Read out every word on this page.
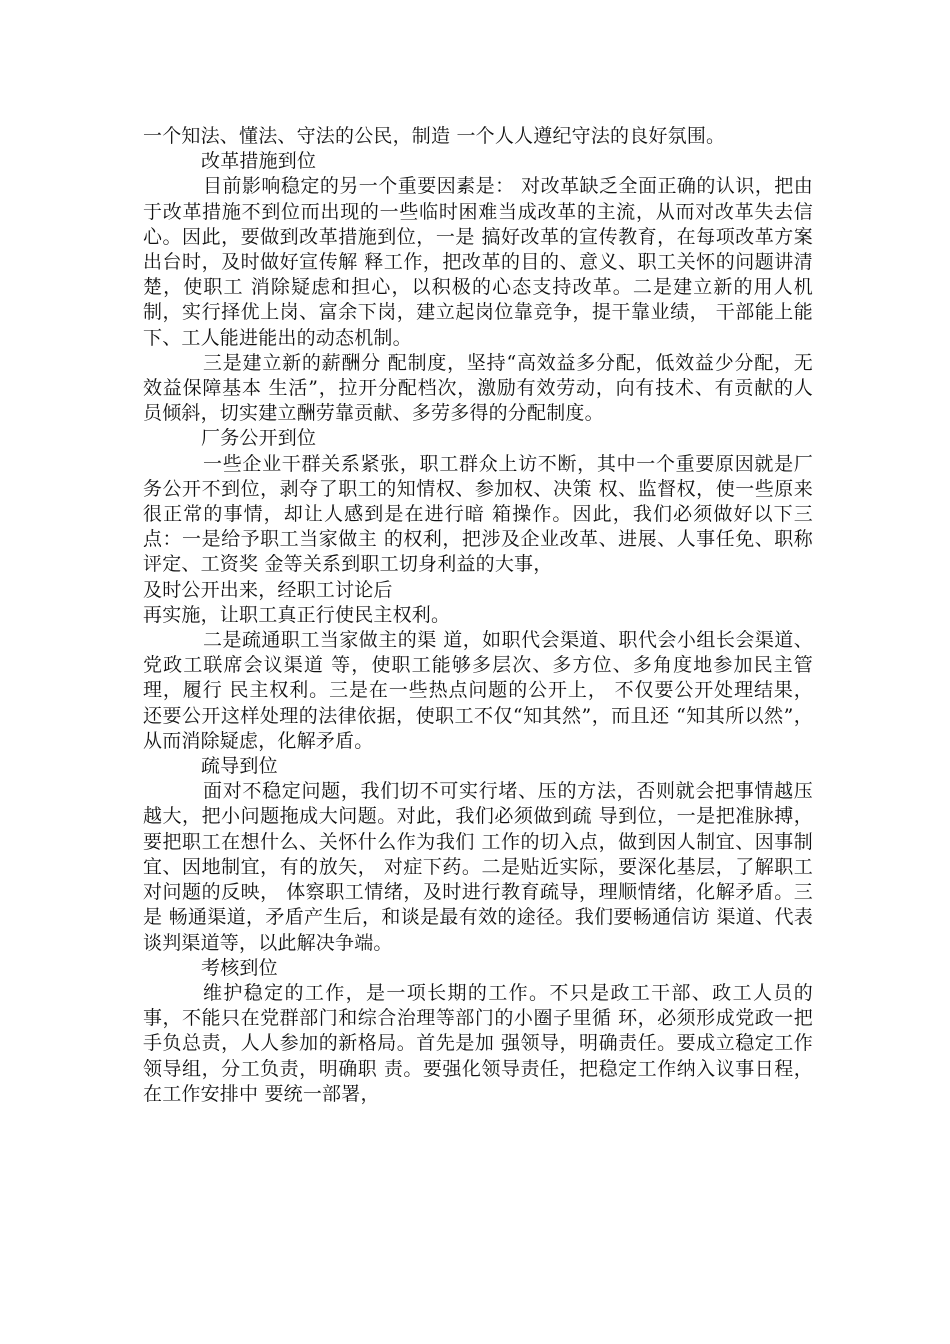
一个知法、懂法、守法的公民，制造 一个人人遵纪守法的良好氛围。

改革措施到位

目前影响稳定的另一个重要因素是： 对改革缺乏全面正确的认识，把由于改革措施不到位而出现的一些临时困难当成改革的主流，从而对改革失去信心。因此，要做到改革措施到位，一是 搞好改革的宣传教育，在每项改革方案出台时，及时做好宣传解 释工作，把改革的目的、意义、职工关怀的问题讲清楚，使职工 消除疑虑和担心，以积极的心态支持改革。二是建立新的用人机 制，实行择优上岗、富余下岗，建立起岗位靠竞争，提干靠业绩， 干部能上能下、工人能进能出的动态机制。

三是建立新的薪酬分 配制度，坚持“高效益多分配，低效益少分配，无效益保障基本 生活”，拉开分配档次，激励有效劳动，向有技术、有贡献的人 员倾斜，切实建立酬劳靠贡献、多劳多得的分配制度。

厂务公开到位

一些企业干群关系紧张，职工群众上访不断，其中一个重要原因就是厂务公开不到位，剥夺了职工的知情权、参加权、决策 权、监督权，使一些原来很正常的事情，却让人感到是在进行暗 箱操作。因此，我们必须做好以下三点：一是给予职工当家做主 的权利，把涉及企业改革、进展、人事任免、职称评定、工资奖 金等关系到职工切身利益的大事，

及时公开出来，经职工讨论后

再实施，让职工真正行使民主权利。

二是疏通职工当家做主的渠 道，如职代会渠道、职代会小组长会渠道、党政工联席会议渠道 等，使职工能够多层次、多方位、多角度地参加民主管理，履行 民主权利。三是在一些热点问题的公开上， 不仅要公开处理结果， 还要公开这样处理的法律依据，使职工不仅“知其然”，而且还 “知其所以然”，从而消除疑虑，化解矛盾。

疏导到位

面对不稳定问题，我们切不可实行堵、压的方法，否则就会把事情越压越大，把小问题拖成大问题。对此，我们必须做到疏 导到位，一是把准脉搏，要把职工在想什么、关怀什么作为我们 工作的切入点，做到因人制宜、因事制宜、因地制宜，有的放矢， 对症下药。二是贴近实际，要深化基层，了解职工对问题的反映， 体察职工情绪，及时进行教育疏导，理顺情绪，化解矛盾。三是 畅通渠道，矛盾产生后，和谈是最有效的途径。我们要畅通信访 渠道、代表谈判渠道等，以此解决争端。

考核到位

维护稳定的工作，是一项长期的工作。不只是政工干部、政工人员的事，不能只在党群部门和综合治理等部门的小圈子里循 环，必须形成党政一把手负总责，人人参加的新格局。首先是加 强领导，明确责任。要成立稳定工作领导组，分工负责，明确职 责。要强化领导责任，把稳定工作纳入议事日程，在工作安排中 要统一部署，
